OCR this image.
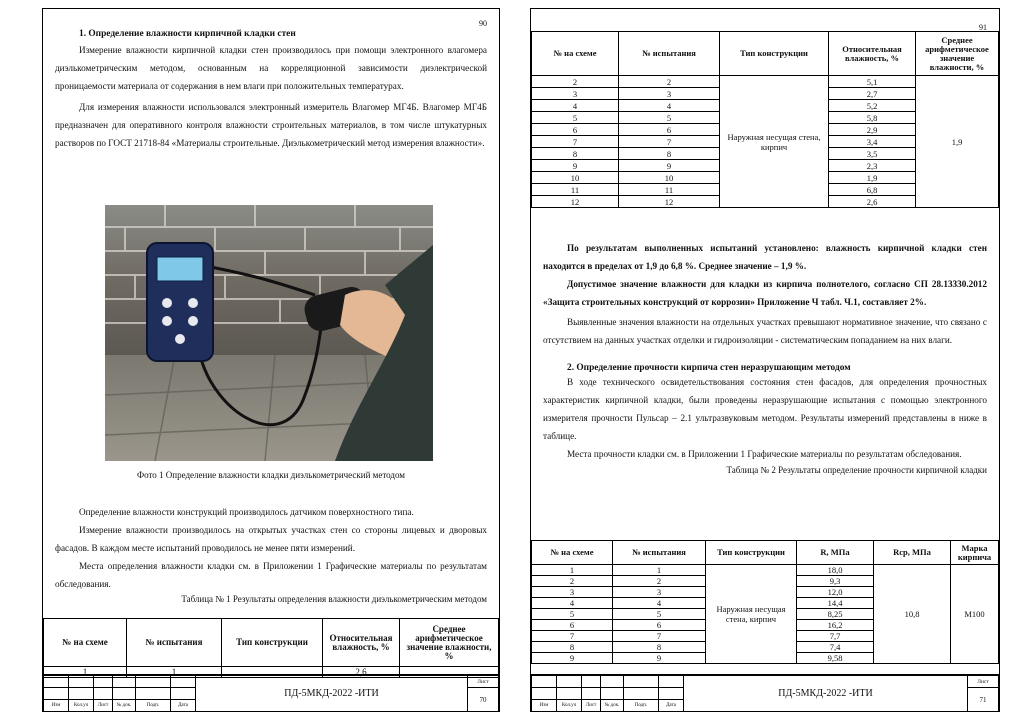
90
1. Определение влажности кирпичной кладки стен

Измерение влажности кирпичной кладки стен производилось при помощи электронного влагомера диэлькометрическим методом, основанным на корреляционной зависимости диэлектрической проницаемости материала от содержания в нем влаги при положительных температурах.

Для измерения влажности использовался электронный измеритель Влагомер МГ4Б. Влагомер МГ4Б предназначен для оперативного контроля влажности строительных материалов, в том числе штукатурных растворов по ГОСТ 21718-84 «Материалы строительные. Диэлькометрический метод измерения влажности».

Фото 1 Определение влажности кладки диэлькометрический методом

Определение влажности конструкций производилось датчиком поверхностного типа.

Измерение влажности производилось на открытых участках стен со стороны лицевых и дворовых фасадов. В каждом месте испытаний проводилось не менее пяти измерений.

Места определения влажности кладки см. в Приложении 1 Графические материалы по результатам обследования.

Таблица № 1 Результаты определения влажности диэлькометрическим методом
№ на схеме	№ испытания	Тип конструкции	Относительная влажность, %	Среднее арифметическое значение влажности, %
1	1		2,6	
						ПД-5МКД-2022 -ИТИ	Лист
							70
Изм	Кол.уч	Лист	№ док.	Подп.	Дата		
91
№ на схеме	№ испытания	Тип конструкции	Относительная влажность, %	Среднее арифметическое значение влажности, %
2	2	Наружная несущая стена, кирпич	5,1	1,9
3	3		2,7	
4	4		5,2	
5	5		5,8	
6	6		2,9	
7	7		3,4	
8	8		3,5	
9	9		2,3	
10	10		1,9	
11	11		6,8	
12	12		2,6	

По результатам выполненных испытаний установлено: влажность кирпичной кладки стен находится в пределах от 1,9 до 6,8 %. Среднее значение – 1,9 %.

Допустимое значение влажности для кладки из кирпича полнотелого, согласно СП 28.13330.2012 «Защита строительных конструкций от коррозии» Приложение Ч табл. Ч.1, составляет 2%.

Выявленные значения влажности на отдельных участках превышают нормативное значение, что связано с отсутствием на данных участках отделки и гидроизоляции - систематическим попаданием на них влаги.

2. Определение прочности кирпича стен неразрушающим методом

В ходе технического освидетельствования состояния стен фасадов, для определения прочностных характеристик кирпичной кладки, были проведены неразрушающие испытания с помощью электронного измерителя прочности Пульсар – 2.1 ультразвуковым методом. Результаты измерений представлены в ниже в таблице.

Места прочности кладки см. в Приложении 1 Графические материалы по результатам обследования.

Таблица № 2 Результаты определение прочности кирпичной кладки
№ на схеме	№ испытания	Тип конструкции	R, МПа	Rcp, МПа	Марка кирпича
1	1	Наружная несущая стена, кирпич	18,0	10,8	М100
2	2		9,3		
3	3		12,0		
4	4		14,4		
5	5		8,25		
6	6		16,2		
7	7		7,7		
8	8		7,4		
9	9		9,58		
						ПД-5МКД-2022 -ИТИ	Лист
							71
Изм	Кол.уч	Лист	№ док.	Подп.	Дата		
